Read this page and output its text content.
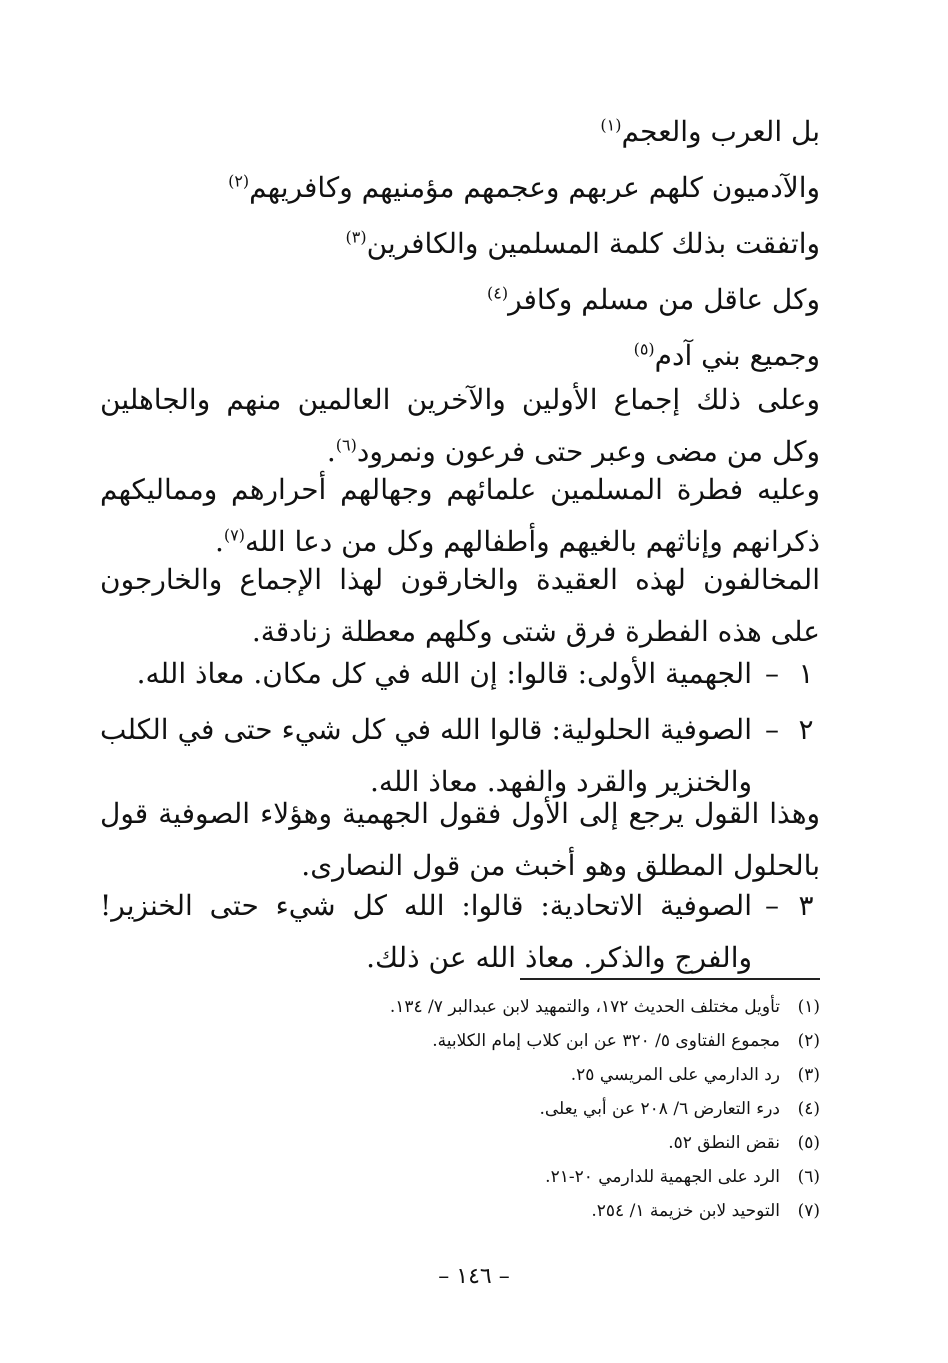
بل العرب والعجم$^{(١)}$

والآدميون كلهم عربهم وعجمهم مؤمنيهم وكافريهم$^{(٢)}$

واتفقت بذلك كلمة المسلمين والكافرين$^{(٣)}$

وكل عاقل من مسلم وكافر$^{(٤)}$

وجميع بني آدم$^{(٥)}$

وعلى ذلك إجماع الأولين والآخرين العالمين منهم والجاهلين وكل من مضى وعبر حتى فرعون ونمرود$^{(٦)}$.

وعليه فطرة المسلمين علمائهم وجهالهم أحرارهم ومماليكهم ذكرانهم وإناثهم بالغيهم وأطفالهم وكل من دعا الله$^{(٧)}$.

المخالفون لهذه العقيدة والخارقون لهذا الإجماع والخارجون على هذه الفطرة فرق شتى وكلهم معطلة زنادقة.

١
–
الجهمية الأولى: قالوا: إن الله في كل مكان. معاذ الله.
٢
–
الصوفية الحلولية: قالوا الله في كل شيء حتى في الكلب والخنزير والقرد والفهد. معاذ الله.

وهذا القول يرجع إلى الأول فقول الجهمية وهؤلاء الصوفية قول بالحلول المطلق وهو أخبث من قول النصارى.

٣
–
الصوفية الاتحادية: قالوا: الله كل شيء حتى الخنزير! والفرج والذكر. معاذ الله عن ذلك.
(١)
تأويل مختلف الحديث ١٧٢، والتمهيد لابن عبدالبر ٧/ ١٣٤.
(٢)
مجموع الفتاوى ٥/ ٣٢٠ عن ابن كلاب إمام الكلابية.
(٣)
رد الدارمي على المريسي ٢٥.
(٤)
درء التعارض ٦/ ٢٠٨ عن أبي يعلى.
(٥)
نقض النطق ٥٢.
(٦)
الرد على الجهمية للدارمي ٢٠-٢١.
(٧)
التوحيد لابن خزيمة ١/ ٢٥٤.
– ١٤٦ –
